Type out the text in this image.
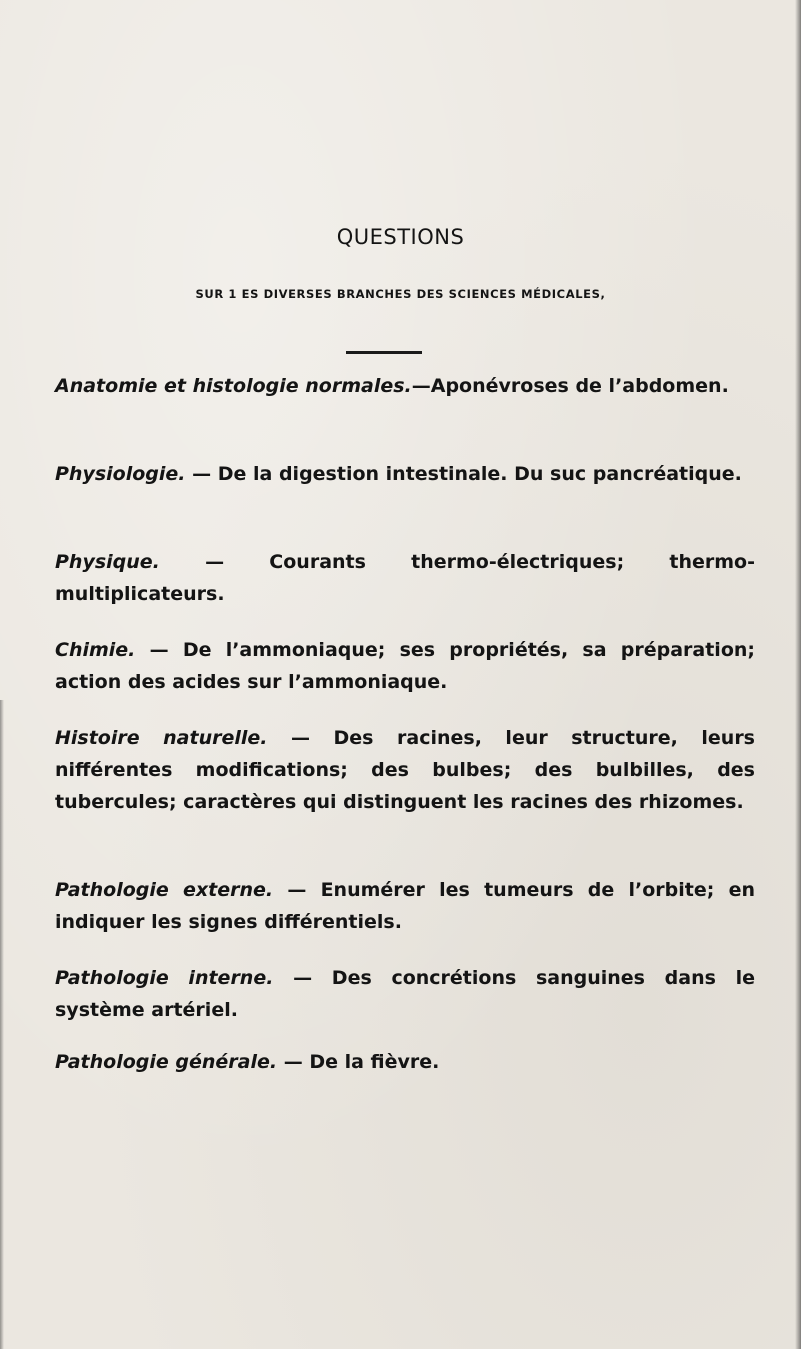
QUESTIONS
SUR 1 ES DIVERSES BRANCHES DES SCIENCES MÉDICALES,

Anatomie et histologie normales.—Aponévroses de l’abdomen.

Physiologie. — De la digestion intestinale. Du suc pancréatique.

Physique. — Courants thermo-électriques; thermomultiplicateurs.

Chimie. — De l’ammoniaque; ses propriétés, sa préparation; action des acides sur l’ammoniaque.

Histoire naturelle. — Des racines, leur structure, leurs nifférentes modifications; des bulbes; des bulbilles, des tubercules; caractères qui distinguent les racines des rhizomes.

Pathologie externe. — Enumérer les tumeurs de l’orbite; en indiquer les signes différentiels.

Pathologie interne. — Des concrétions sanguines dans le système artériel.

Pathologie générale. — De la fièvre.
